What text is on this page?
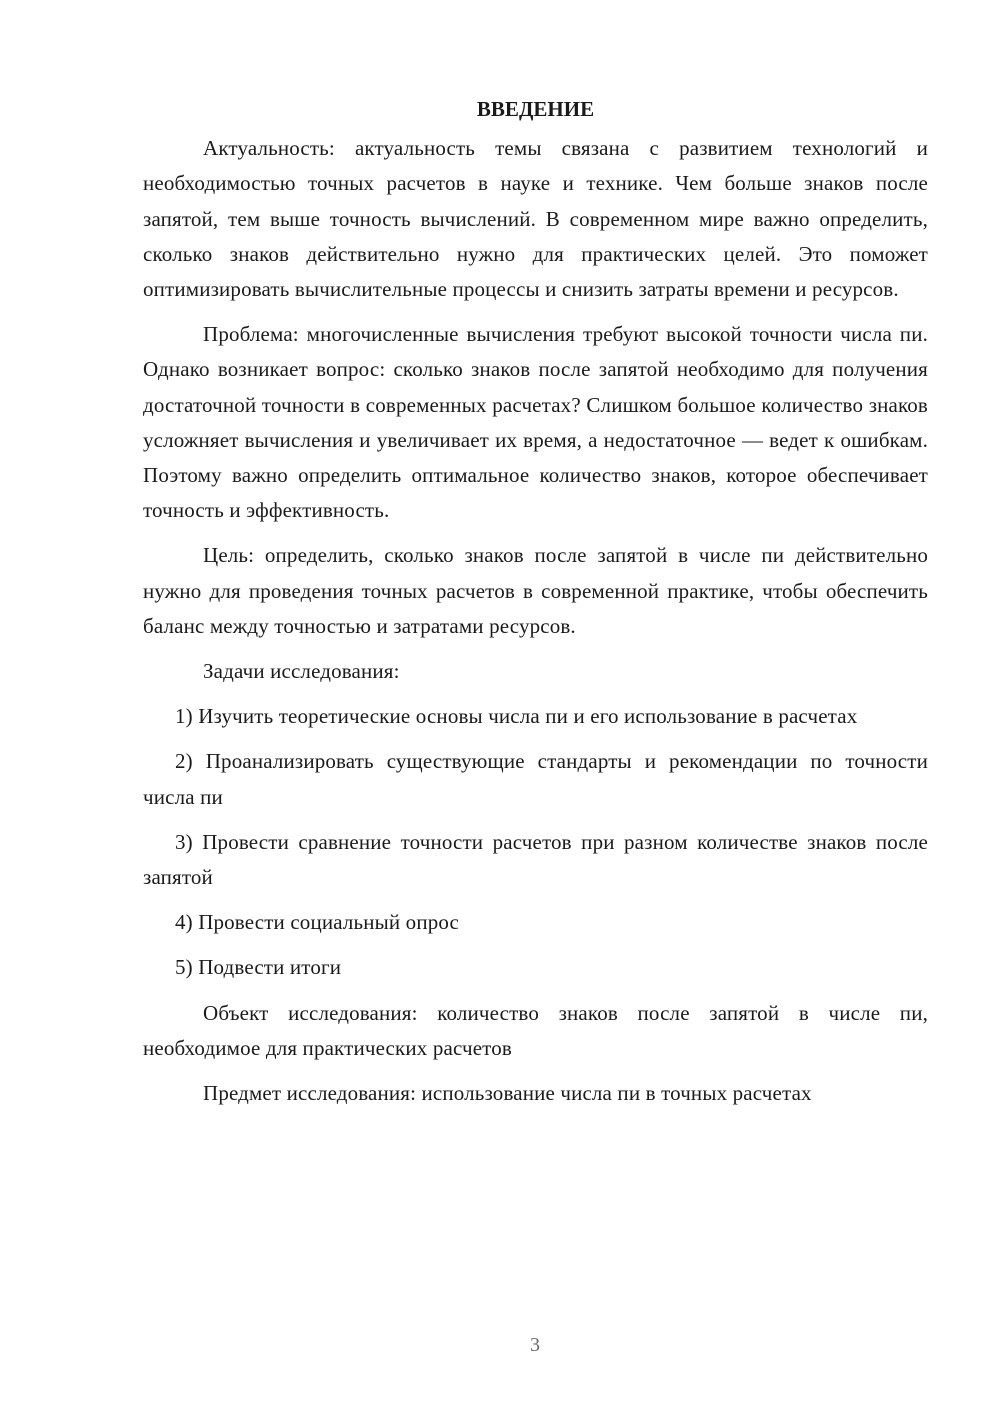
ВВЕДЕНИЕ

Актуальность: актуальность темы связана с развитием технологий и необходимостью точных расчетов в науке и технике. Чем больше знаков после запятой, тем выше точность вычислений. В современном мире важно определить, сколько знаков действительно нужно для практических целей. Это поможет оптимизировать вычислительные процессы и снизить затраты времени и ресурсов.

Проблема: многочисленные вычисления требуют высокой точности числа пи. Однако возникает вопрос: сколько знаков после запятой необходимо для получения достаточной точности в современных расчетах? Слишком большое количество знаков усложняет вычисления и увеличивает их время, а недостаточное — ведет к ошибкам. Поэтому важно определить оптимальное количество знаков, которое обеспечивает точность и эффективность.

Цель: определить, сколько знаков после запятой в числе пи действительно нужно для проведения точных расчетов в современной практике, чтобы обеспечить баланс между точностью и затратами ресурсов.

Задачи исследования:

1) Изучить теоретические основы числа пи и его использование в расчетах

2) Проанализировать существующие стандарты и рекомендации по точности числа пи

3) Провести сравнение точности расчетов при разном количестве знаков после запятой

4) Провести социальный опрос

5) Подвести итоги

Объект исследования: количество знаков после запятой в числе пи, необходимое для практических расчетов

Предмет исследования: использование числа пи в точных расчетах

3
